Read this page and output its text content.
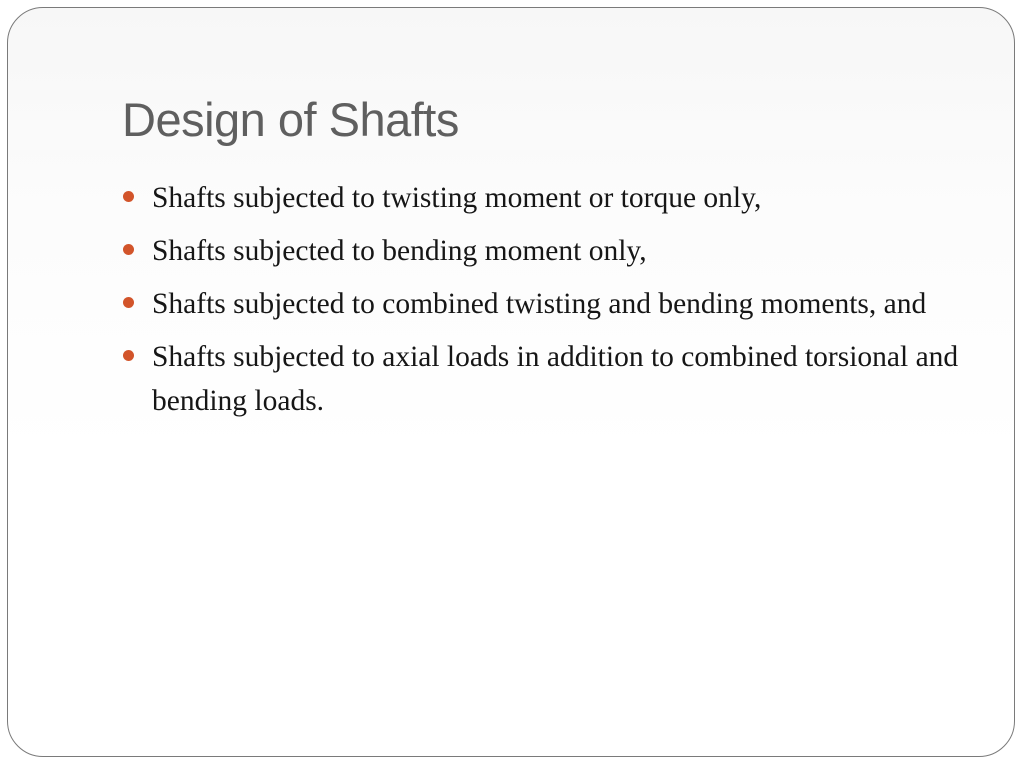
Design of Shafts
Shafts subjected to twisting moment or torque only,
Shafts subjected to bending moment only,
Shafts subjected to combined twisting and bending moments, and
Shafts subjected to axial loads in addition to combined torsional and bending loads.
